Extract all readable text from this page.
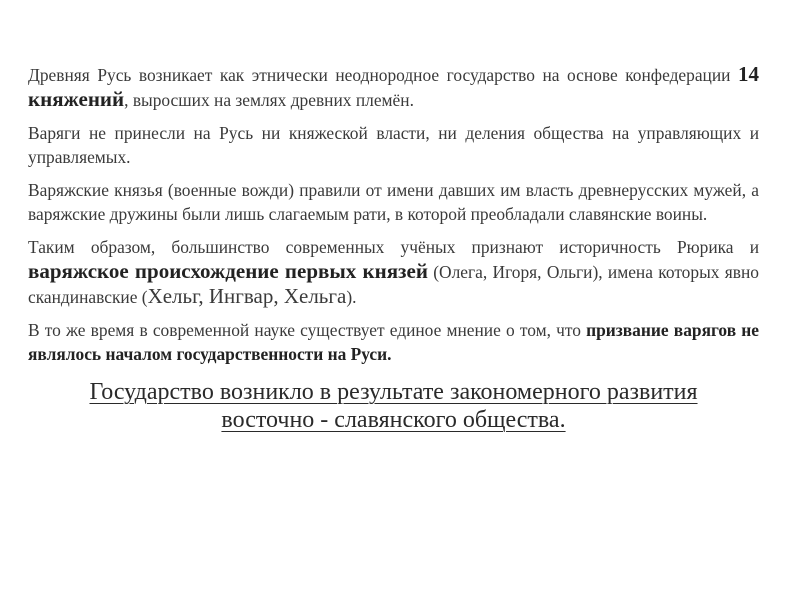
Древняя Русь возникает как этнически неоднородное государство на основе конфедерации 14 княжений, выросших на землях древних племён.

Варяги не принесли на Русь ни княжеской власти, ни деления общества на управляющих и управляемых.

Варяжские князья (военные вожди) правили от имени давших им власть древнерусских мужей, а варяжские дружины были лишь слагаемым рати, в которой преобладали славянские воины.

Таким образом, большинство современных учёных признают историчность Рюрика и варяжское происхождение первых князей (Олега, Игоря, Ольги), имена которых явно скандинавские (Хельг, Ингвар, Хельга).

В то же время в современной науке существует единое мнение о том, что призвание варягов не являлось началом государственности на Руси.

Государство возникло в результате закономерного развития
восточно - славянского общества.
